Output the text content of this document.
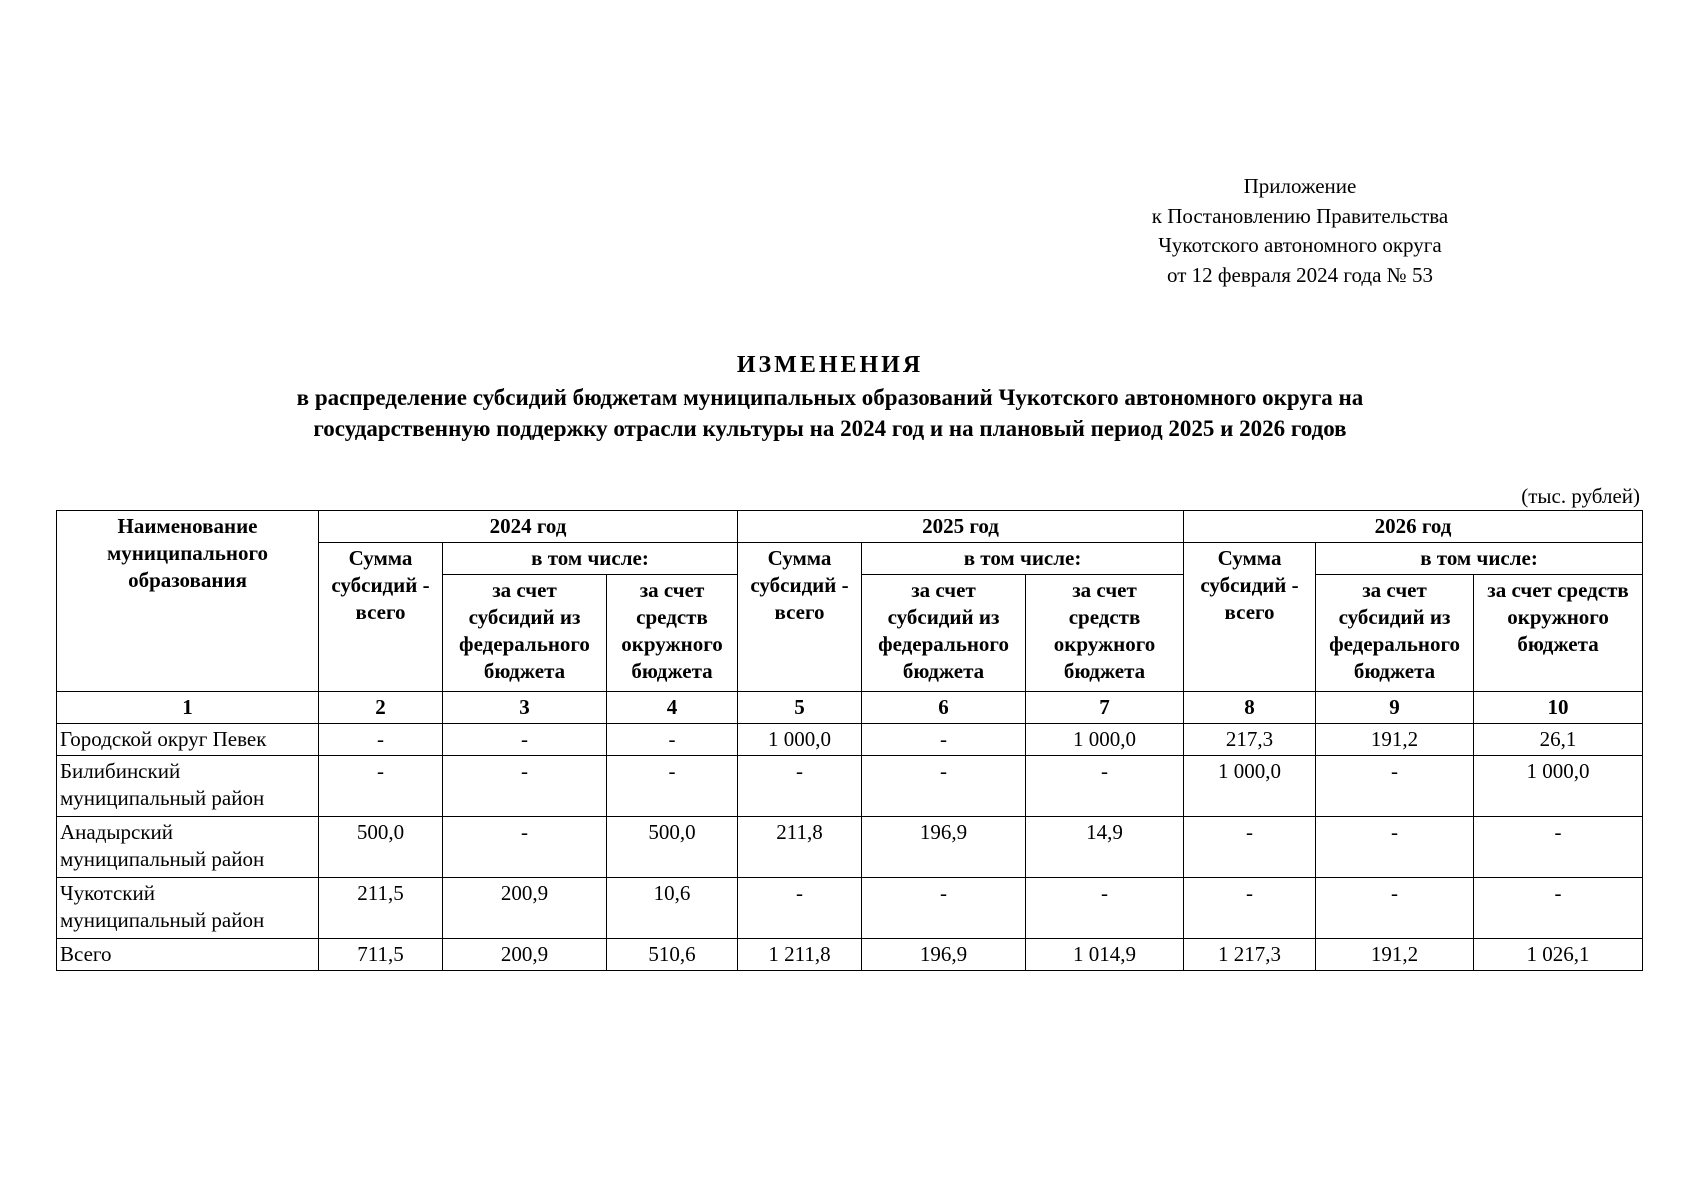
Приложение
к Постановлению Правительства
Чукотского автономного округа
от 12 февраля 2024 года № 53
ИЗМЕНЕНИЯ
в распределение субсидий бюджетам муниципальных образований Чукотского автономного округа на
государственную поддержку отрасли культуры на 2024 год и на плановый период 2025 и 2026 годов
(тыс. рублей)
Наименование
муниципального
образования	2024 год			2025 год			2026 год		

	Сумма
субсидий -
всего	в том числе:		Сумма
субсидий -
всего	в том числе:		Сумма
субсидий -
всего	в том числе:	

		за счет
субсидий из
федерального
бюджета	за счет
средств
окружного
бюджета		за счет
субсидий из
федерального
бюджета	за счет
средств
окружного
бюджета		за счет
субсидий из
федерального
бюджета	за счет средств
окружного
бюджета

1	2	3	4	5	6	7	8	9	10
Городской округ Певек	-	-	-	1 000,0	-	1 000,0	217,3	191,2	26,1

Билибинский
муниципальный район	-	-	-	-	-	-	1 000,0	-	1 000,0

Анадырский
муниципальный район	500,0	-	500,0	211,8	196,9	14,9	-	-	-

Чукотский
муниципальный район	211,5	200,9	10,6	-	-	-	-	-	-
Всего	711,5	200,9	510,6	1 211,8	196,9	1 014,9	1 217,3	191,2	1 026,1
